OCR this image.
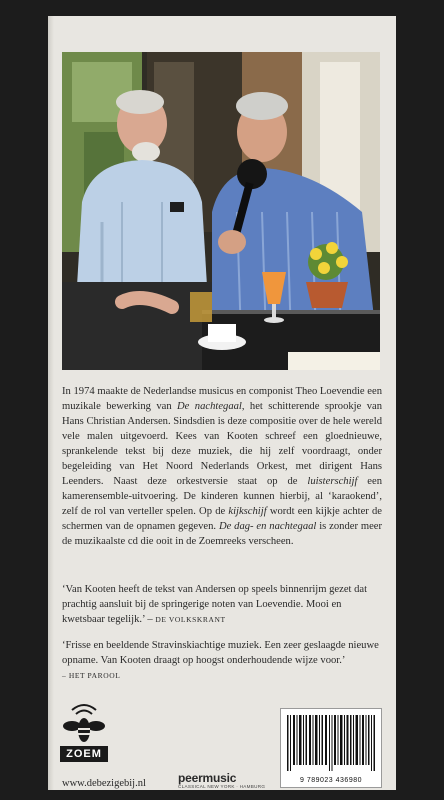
In 1974 maakte de Nederlandse musicus en componist Theo Loevendie een muzikale bewerking van De nachtegaal, het schitterende sprookje van Hans Christian Andersen. Sindsdien is deze compositie over de hele wereld vele malen uitgevoerd. Kees van Kooten schreef een gloednieuwe, sprankelende tekst bij deze muziek, die hij zelf voordraagt, onder begeleiding van Het Noord Nederlands Orkest, met dirigent Hans Leenders. Naast deze orkestversie staat op de luisterschijf een kamerensemble-uitvoering. De kinderen kunnen hierbij, al ‘karaokend’, zelf de rol van verteller spelen. Op de kijkschijf wordt een kijkje achter de schermen van de opnamen gegeven. De dag- en nachtegaal is zonder meer de muzikaalste cd die ooit in de Zoemreeks verscheen.

‘Van Kooten heeft de tekst van Andersen op speels binnenrijm gezet dat prachtig aansluit bij de springerige noten van Loevendie. Mooi en kwetsbaar tegelijk.’ – DE VOLKSKRANT

‘Frisse en beeldende Stravinskiachtige muziek. Een zeer geslaagde nieuwe opname. Van Kooten draagt op hoogst onderhoudende wijze voor.’
– HET PAROOL

ZOEM
www.debezigebij.nl	peermusic
CLASSICAL NEW YORK · HAMBURG
9 789023 436980
